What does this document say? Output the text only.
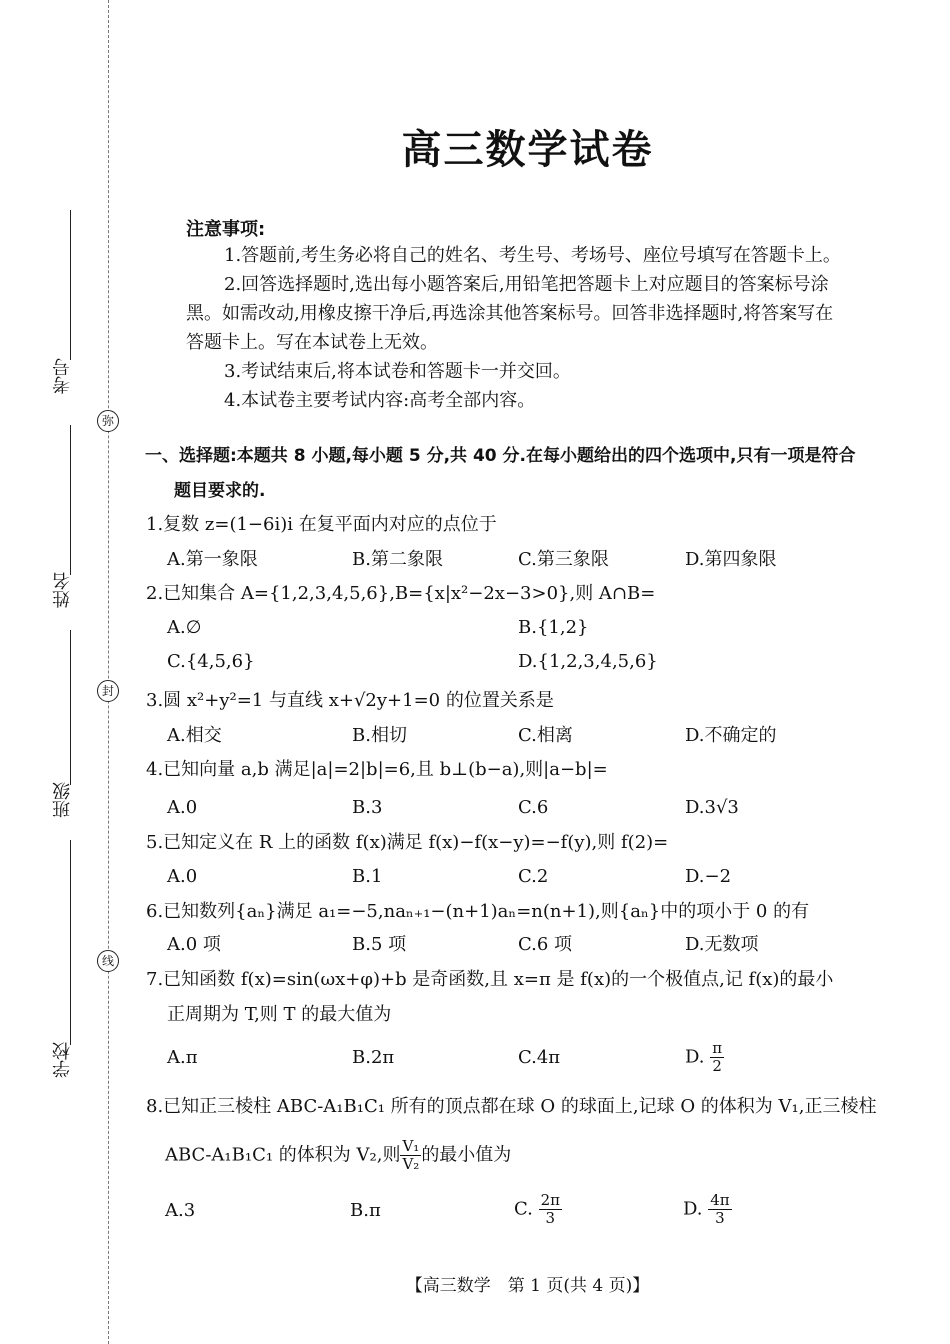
考号
姓名
班级
学校
弥
封
线
高三数学试卷
注意事项:
1.答题前,考生务必将自己的姓名、考生号、考场号、座位号填写在答题卡上。
2.回答选择题时,选出每小题答案后,用铅笔把答题卡上对应题目的答案标号涂
黑。如需改动,用橡皮擦干净后,再选涂其他答案标号。回答非选择题时,将答案写在
答题卡上。写在本试卷上无效。
3.考试结束后,将本试卷和答题卡一并交回。
4.本试卷主要考试内容:高考全部内容。
一、选择题:本题共 8 小题,每小题 5 分,共 40 分.在每小题给出的四个选项中,只有一项是符合
题目要求的.
1.复数 z=(1−6i)i 在复平面内对应的点位于
A.第一象限	B.第二象限	C.第三象限	D.第四象限
2.已知集合 A={1,2,3,4,5,6},B={x|x²−2x−3>0},则 A∩B=
A.∅	B.{1,2}
C.{4,5,6}	D.{1,2,3,4,5,6}
3.圆 x²+y²=1 与直线 x+√2y+1=0 的位置关系是
A.相交	B.相切	C.相离	D.不确定的
4.已知向量 a,b 满足|a|=2|b|=6,且 b⊥(b−a),则|a−b|=
A.0	B.3	C.6	D.3√3
5.已知定义在 R 上的函数 f(x)满足 f(x)−f(x−y)=−f(y),则 f(2)=
A.0	B.1	C.2	D.−2
6.已知数列{aₙ}满足 a₁=−5,naₙ₊₁−(n+1)aₙ=n(n+1),则{aₙ}中的项小于 0 的有
A.0 项	B.5 项	C.6 项	D.无数项
7.已知函数 f(x)=sin(ωx+φ)+b 是奇函数,且 x=π 是 f(x)的一个极值点,记 f(x)的最小
正周期为 T,则 T 的最大值为
A.π	B.2π	C.4π	D. $\frac{\pi}{2}$
8.已知正三棱柱 ABC-A₁B₁C₁ 所有的顶点都在球 O 的球面上,记球 O 的体积为 V₁,正三棱柱
ABC-A₁B₁C₁ 的体积为 V₂,则 $\frac{\text{V₁}}{\text{V₂}}$ 的最小值为
A.3	B.π	C. $\frac{2\pi}{3}$	D. $\frac{4\pi}{3}$
【高三数学　第 1 页(共 4 页)】
